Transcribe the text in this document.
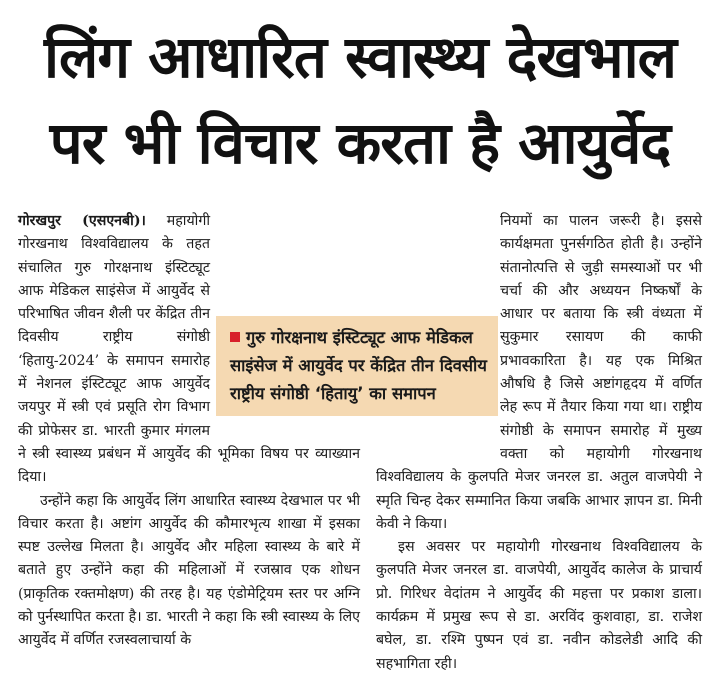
लिंग आधारित स्वास्थ्य देखभाल
पर भी विचार करता है आयुर्वेद

गोरखपुर (एसएनबी)। महायोगी गोरखनाथ विश्वविद्यालय के तहत संचालित गुरु गोरक्षनाथ इंस्टिट्यूट आफ मेडिकल साइंसेज में आयुर्वेद से परिभाषित जीवन शैली पर केंद्रित तीन दिवसीय राष्ट्रीय संगोष्ठी ‘हितायु-2024’ के समापन समारोह में नेशनल इंस्टिट्यूट आफ आयुर्वेद जयपुर में स्त्री एवं प्रसूति रोग विभाग की प्रोफेसर डा. भारती कुमार मंगलम ने स्त्री स्वास्थ्य प्रबंधन में आयुर्वेद की भूमिका विषय पर व्याख्यान दिया।

उन्होंने कहा कि आयुर्वेद लिंग आधारित स्वास्थ्य देखभाल पर भी विचार करता है। अष्टांग आयुर्वेद की कौमारभृत्य शाखा में इसका स्पष्ट उल्लेख मिलता है। आयुर्वेद और महिला स्वास्थ्य के बारे में बताते हुए उन्होंने कहा की महिलाओं में रजस्राव एक शोधन (प्राकृतिक रक्तमोक्षण) की तरह है। यह एंडोमेट्रियम स्तर पर अग्नि को पुर्नस्थापित करता है। डा. भारती ने कहा कि स्त्री स्वास्थ्य के लिए आयुर्वेद में वर्णित रजस्वलाचार्या के

नियमों का पालन जरूरी है। इससे कार्यक्षमता पुनर्सगठित होती है। उन्होंने संतानोत्पत्ति से जुड़ी समस्याओं पर भी चर्चा की और अध्ययन निष्कर्षों के आधार पर बताया कि स्त्री वंध्यता में सुकुमार रसायण की काफी प्रभावकारिता है। यह एक मिश्रित औषधि है जिसे अष्टांगहृदय में वर्णित लेह रूप में तैयार किया गया था। राष्ट्रीय संगोष्ठी के समापन समारोह में मुख्य वक्ता को महायोगी गोरखनाथ विश्वविद्यालय के कुलपति मेजर जनरल डा. अतुल वाजपेयी ने स्मृति चिन्ह देकर सम्मानित किया जबकि आभार ज्ञापन डा. मिनी केवी ने किया।

इस अवसर पर महायोगी गोरखनाथ विश्वविद्यालय के कुलपति मेजर जनरल डा. वाजपेयी, आयुर्वेद कालेज के प्राचार्य प्रो. गिरिधर वेदांतम ने आयुर्वेद की महत्ता पर प्रकाश डाला। कार्यक्रम में प्रमुख रूप से डा. अरविंद कुशवाहा, डा. राजेश बघेल, डा. रश्मि पुष्पन एवं डा. नवीन कोडलेडी आदि की सहभागिता रही।

गुरु गोरक्षनाथ इंस्टिट्यूट आफ मेडिकल साइंसेज में आयुर्वेद पर केंद्रित तीन दिवसीय राष्ट्रीय संगोष्ठी ‘हितायु’ का समापन
